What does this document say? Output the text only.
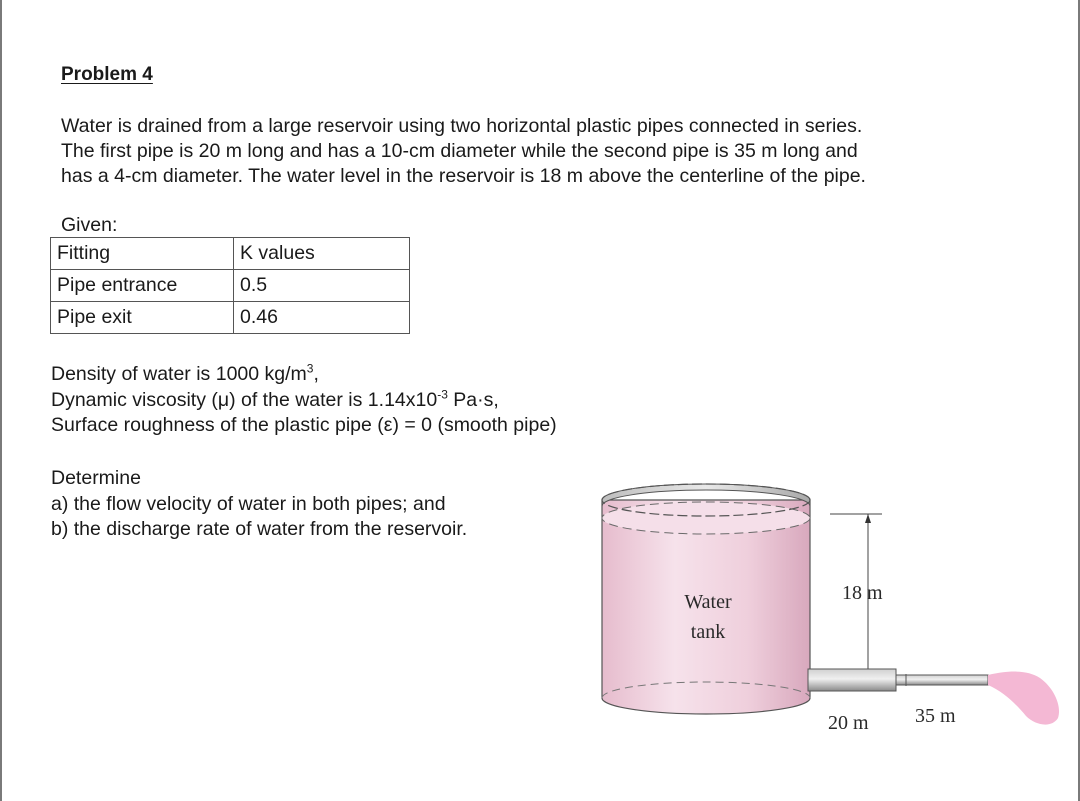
Problem 4

Water is drained from a large reservoir using two horizontal plastic pipes connected in series.

The first pipe is 20 m long and has a 10-cm diameter while the second pipe is 35 m long and

has a 4-cm diameter. The water level in the reservoir is 18 m above the centerline of the pipe.

Given:
Fitting	K values
Pipe entrance	0.5
Pipe exit	0.46
Density of water is 1000 $kg/m^3$,
Dynamic viscosity (μ) of the water is $1.14x10^{-3}$ Pa·s,
Surface roughness of the plastic pipe (ε) = 0 (smooth pipe)
Determine
a) the flow velocity of water in both pipes; and
b) the discharge rate of water from the reservoir.
Water
tank
18 m
20 m 35 m
